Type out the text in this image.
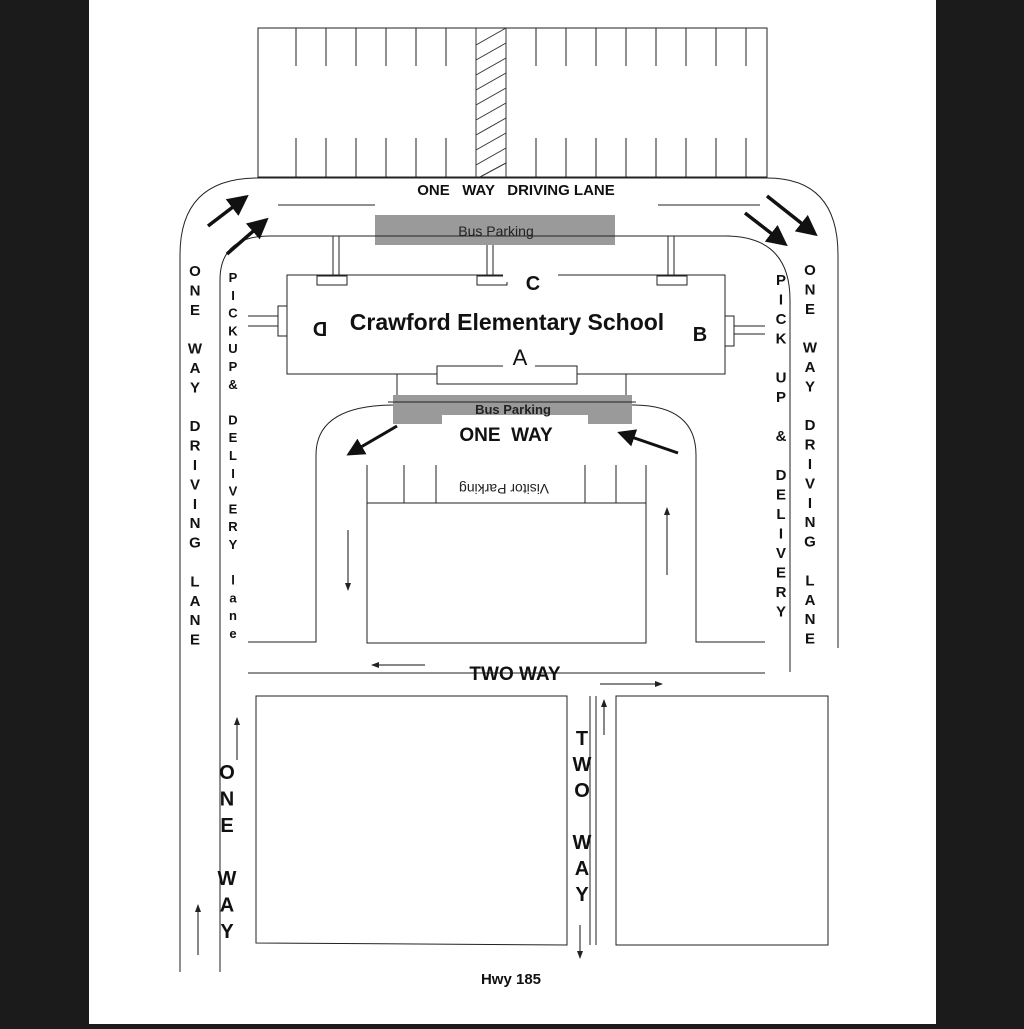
Bus Parking
Bus Parking
Visitor Parking
ONE   WAY   DRIVING LANE
Crawford Elementary School
C
B
D
A
ONE  WAY
TWO WAY
Hwy 185
O N E W A Y D R I V I N G L A N E
P I C K U P & D E L I V E R Y l a n e
P I C K U P & D E L I V E R Y
O N E W A Y D R I V I N G L A N E
O N E W A Y
T W O W A Y
